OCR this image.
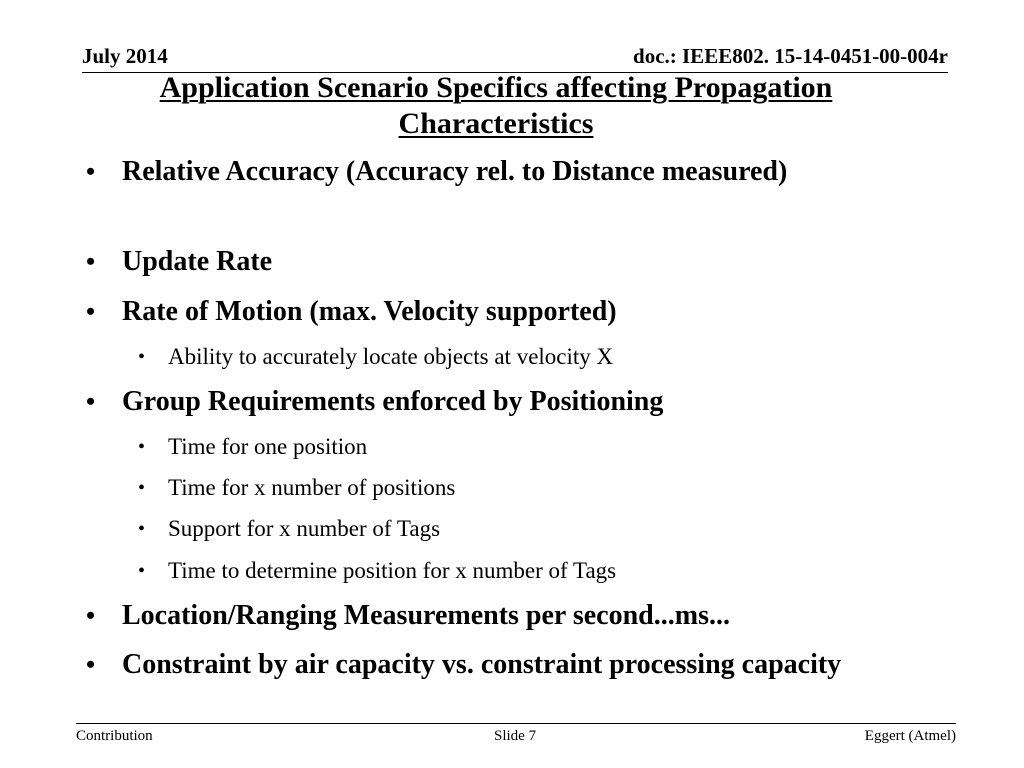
July 2014	doc.: IEEE802. 15-14-0451-00-004r
Application Scenario Specifics affecting Propagation
Characteristics
• Relative Accuracy (Accuracy rel. to Distance measured)
• Update Rate
• Rate of Motion (max. Velocity supported)
• Ability to accurately locate objects at velocity X
• Group Requirements enforced by Positioning
• Time for one position
• Time for x number of positions
• Support for x number of Tags
• Time to determine position for x number of Tags
• Location/Ranging Measurements per second...ms...
• Constraint by air capacity vs. constraint processing capacity
Contribution	Slide 7	Eggert (Atmel)
